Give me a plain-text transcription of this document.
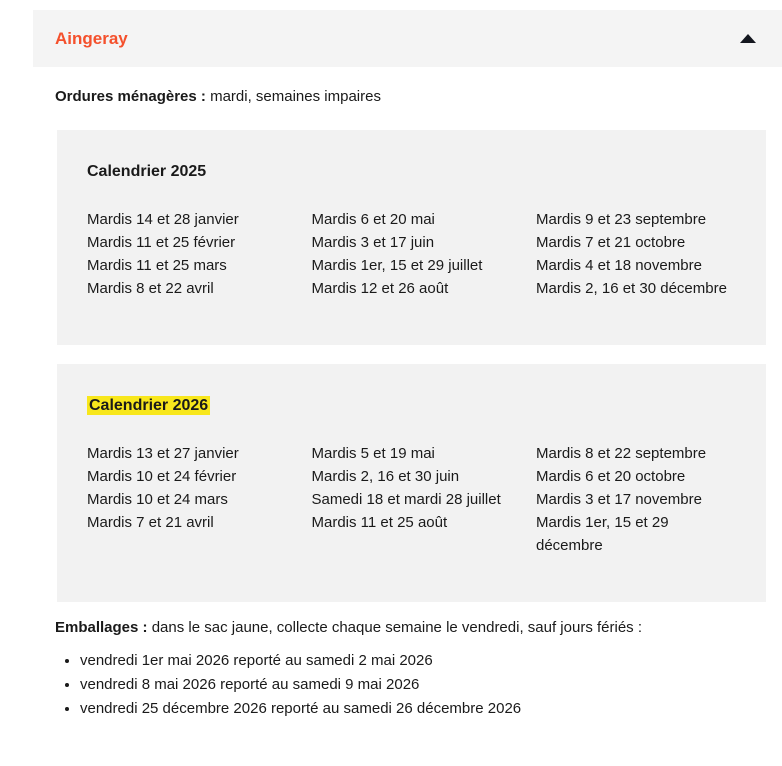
Aingeray

Ordures ménagères : mardi, semaines impaires

Calendrier 2025
Mardis 14 et 28 janvier
Mardis 11 et 25 février
Mardis 11 et 25 mars
Mardis 8 et 22 avril
Mardis 6 et 20 mai
Mardis 3 et 17 juin
Mardis 1er, 15 et 29 juillet
Mardis 12 et 26 août
Mardis 9 et 23 septembre
Mardis 7 et 21 octobre
Mardis 4 et 18 novembre
Mardis 2, 16 et 30 décembre
Calendrier 2026
Mardis 13 et 27 janvier
Mardis 10 et 24 février
Mardis 10 et 24 mars
Mardis 7 et 21 avril
Mardis 5 et 19 mai
Mardis 2, 16 et 30 juin
Samedi 18 et mardi 28 juillet
Mardis 11 et 25 août
Mardis 8 et 22 septembre
Mardis 6 et 20 octobre
Mardis 3 et 17 novembre
Mardis 1er, 15 et 29 décembre

Emballages : dans le sac jaune, collecte chaque semaine le vendredi, sauf jours fériés :

• vendredi 1er mai 2026 reporté au samedi 2 mai 2026
• vendredi 8 mai 2026 reporté au samedi 9 mai 2026
• vendredi 25 décembre 2026 reporté au samedi 26 décembre 2026
